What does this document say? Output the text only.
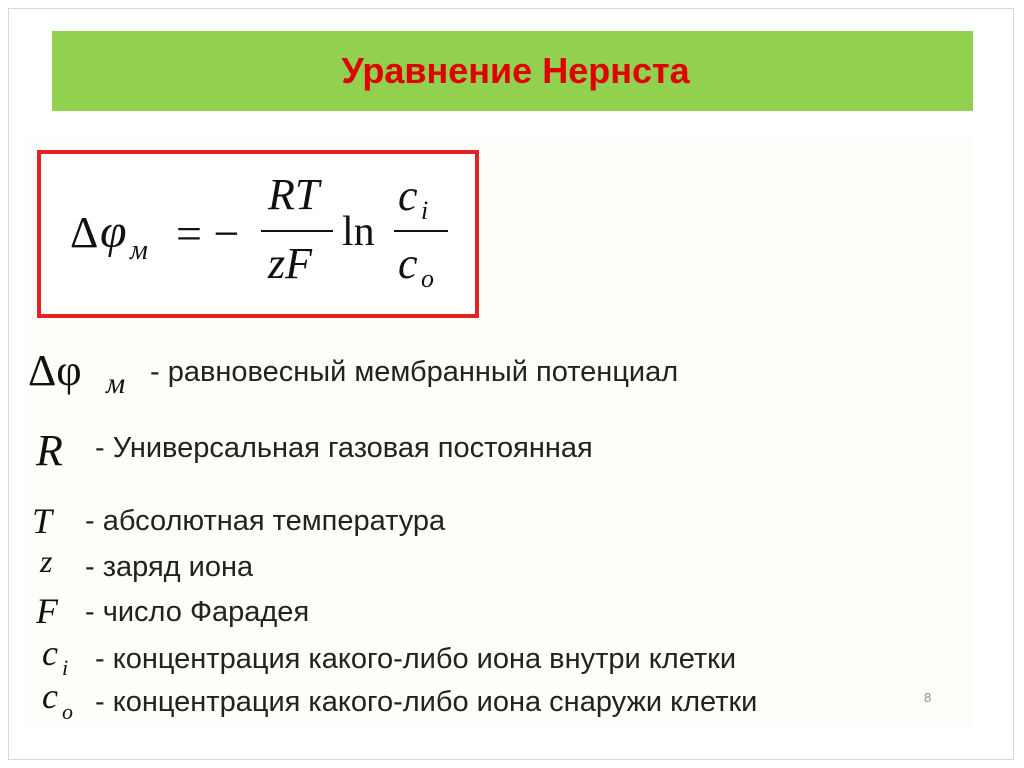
Уравнение Нернста
Δ φ м = −
RT
zF
ln
c i
c o
Δφ м - равновесный мембранный потенциал
R - Универсальная газовая постоянная
T - абсолютная температура
z - заряд иона
F - число Фарадея
c i - концентрация какого-либо иона внутри клетки
c o - концентрация какого-либо иона снаружи клетки	8
